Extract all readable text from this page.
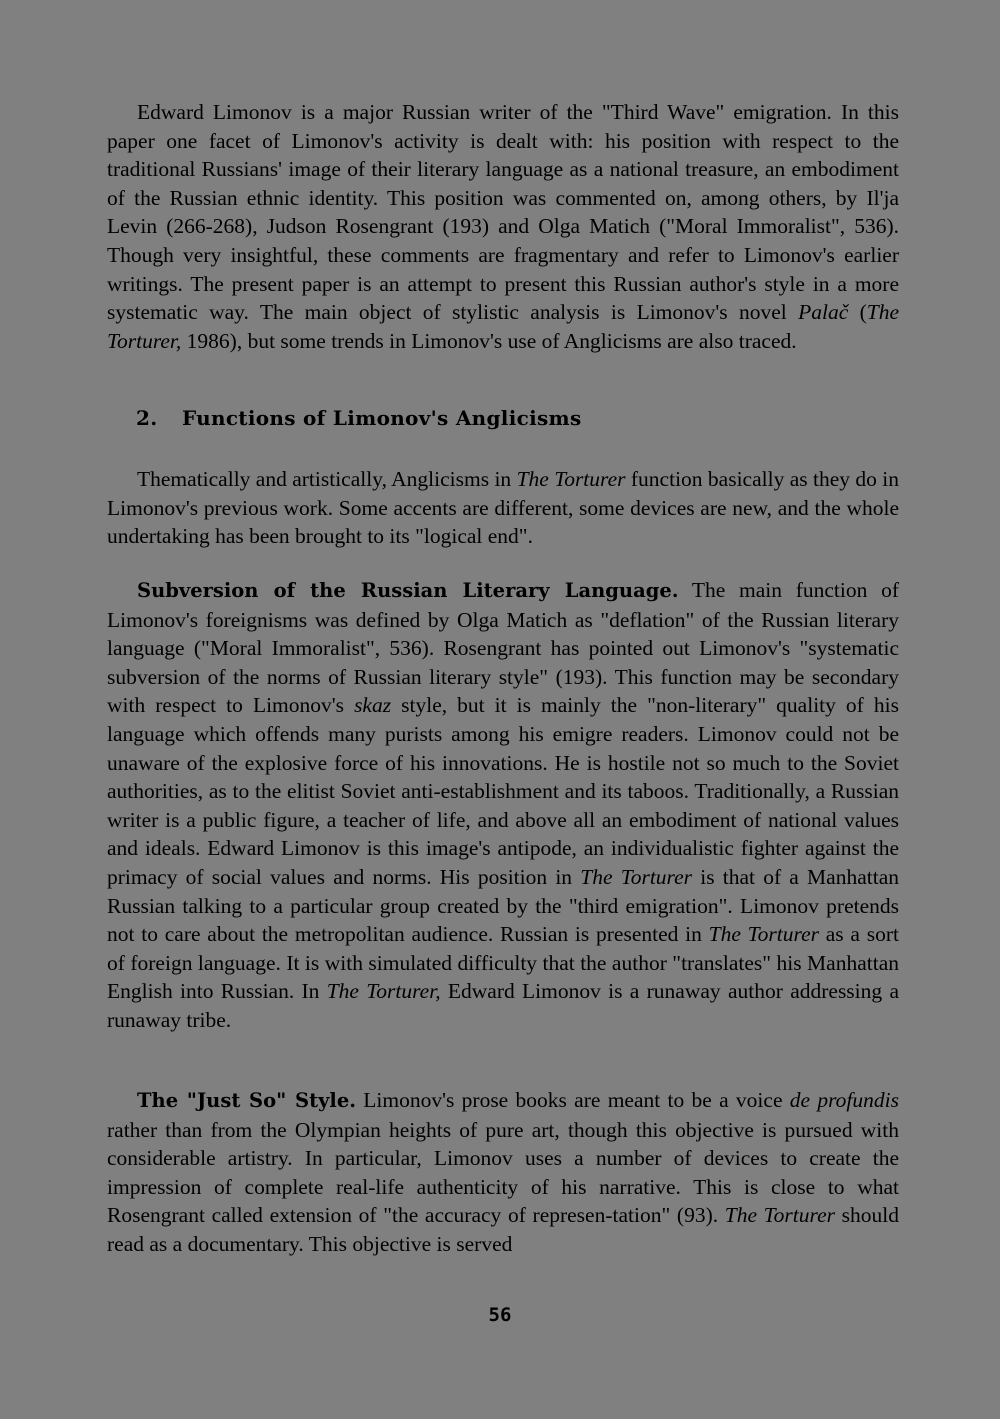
Edward Limonov is a major Russian writer of the "Third Wave" emigration. In this paper one facet of Limonov's activity is dealt with: his position with respect to the traditional Russians' image of their literary language as a national treasure, an embodiment of the Russian ethnic identity. This position was commented on, among others, by Il'ja Levin (266-268), Judson Rosengrant (193) and Olga Matich ("Moral Immoralist", 536). Though very insightful, these comments are fragmentary and refer to Limonov's earlier writings. The present paper is an attempt to present this Russian author's style in a more systematic way. The main object of stylistic analysis is Limonov's novel Palač (The Torturer, 1986), but some trends in Limonov's use of Anglicisms are also traced.

2. Functions of Limonov's Anglicisms

Thematically and artistically, Anglicisms in The Torturer function basically as they do in Limonov's previous work. Some accents are different, some devices are new, and the whole undertaking has been brought to its "logical end".

Subversion of the Russian Literary Language. The main function of Limonov's foreignisms was defined by Olga Matich as "deflation" of the Russian literary language ("Moral Immoralist", 536). Rosengrant has pointed out Limonov's "systematic subversion of the norms of Russian literary style" (193). This function may be secondary with respect to Limonov's skaz style, but it is mainly the "non-literary" quality of his language which offends many purists among his emigre readers. Limonov could not be unaware of the explosive force of his innovations. He is hostile not so much to the Soviet authorities, as to the elitist Soviet anti-establishment and its taboos. Traditionally, a Russian writer is a public figure, a teacher of life, and above all an embodiment of national values and ideals. Edward Limonov is this image's antipode, an individualistic fighter against the primacy of social values and norms. His position in The Torturer is that of a Manhattan Russian talking to a particular group created by the "third emigration". Limonov pretends not to care about the metropolitan audience. Russian is presented in The Torturer as a sort of foreign language. It is with simulated difficulty that the author "translates" his Manhattan English into Russian. In The Torturer, Edward Limonov is a runaway author addressing a runaway tribe.

The "Just So" Style. Limonov's prose books are meant to be a voice de profundis rather than from the Olympian heights of pure art, though this objective is pursued with considerable artistry. In particular, Limonov uses a number of devices to create the impression of complete real-life authenticity of his narrative. This is close to what Rosengrant called extension of "the accuracy of represen-tation" (93). The Torturer should read as a documentary. This objective is served

56
